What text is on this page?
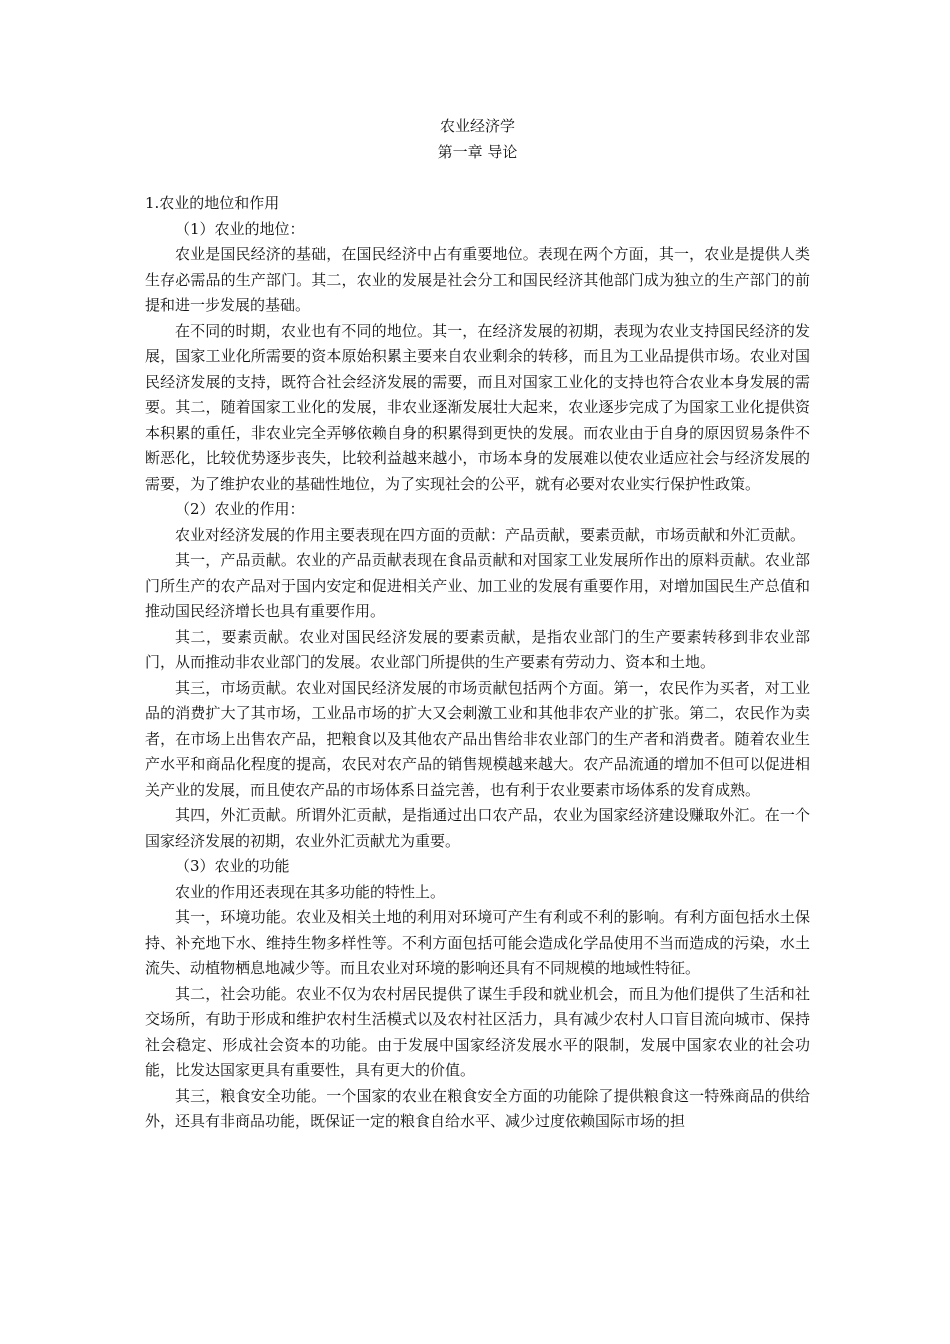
农业经济学

第一章 导论

1.农业的地位和作用

（1）农业的地位：

农业是国民经济的基础，在国民经济中占有重要地位。表现在两个方面，其一，农业是提供人类生存必需品的生产部门。其二，农业的发展是社会分工和国民经济其他部门成为独立的生产部门的前提和进一步发展的基础。

在不同的时期，农业也有不同的地位。其一，在经济发展的初期，表现为农业支持国民经济的发展，国家工业化所需要的资本原始积累主要来自农业剩余的转移，而且为工业品提供市场。农业对国民经济发展的支持，既符合社会经济发展的需要，而且对国家工业化的支持也符合农业本身发展的需要。其二，随着国家工业化的发展，非农业逐渐发展壮大起来，农业逐步完成了为国家工业化提供资本积累的重任，非农业完全弄够依赖自身的积累得到更快的发展。而农业由于自身的原因贸易条件不断恶化，比较优势逐步丧失，比较利益越来越小，市场本身的发展难以使农业适应社会与经济发展的需要，为了维护农业的基础性地位，为了实现社会的公平，就有必要对农业实行保护性政策。

（2）农业的作用：

农业对经济发展的作用主要表现在四方面的贡献：产品贡献，要素贡献，市场贡献和外汇贡献。

其一，产品贡献。农业的产品贡献表现在食品贡献和对国家工业发展所作出的原料贡献。农业部门所生产的农产品对于国内安定和促进相关产业、加工业的发展有重要作用，对增加国民生产总值和推动国民经济增长也具有重要作用。

其二，要素贡献。农业对国民经济发展的要素贡献，是指农业部门的生产要素转移到非农业部门，从而推动非农业部门的发展。农业部门所提供的生产要素有劳动力、资本和土地。

其三，市场贡献。农业对国民经济发展的市场贡献包括两个方面。第一，农民作为买者，对工业品的消费扩大了其市场，工业品市场的扩大又会刺激工业和其他非农产业的扩张。第二，农民作为卖者，在市场上出售农产品，把粮食以及其他农产品出售给非农业部门的生产者和消费者。随着农业生产水平和商品化程度的提高，农民对农产品的销售规模越来越大。农产品流通的增加不但可以促进相关产业的发展，而且使农产品的市场体系日益完善，也有利于农业要素市场体系的发育成熟。

其四，外汇贡献。所谓外汇贡献，是指通过出口农产品，农业为国家经济建设赚取外汇。在一个国家经济发展的初期，农业外汇贡献尤为重要。

（3）农业的功能

农业的作用还表现在其多功能的特性上。

其一，环境功能。农业及相关土地的利用对环境可产生有利或不利的影响。有利方面包括水土保持、补充地下水、维持生物多样性等。不利方面包括可能会造成化学品使用不当而造成的污染，水土流失、动植物栖息地减少等。而且农业对环境的影响还具有不同规模的地域性特征。

其二，社会功能。农业不仅为农村居民提供了谋生手段和就业机会，而且为他们提供了生活和社交场所，有助于形成和维护农村生活模式以及农村社区活力，具有减少农村人口盲目流向城市、保持社会稳定、形成社会资本的功能。由于发展中国家经济发展水平的限制，发展中国家农业的社会功能，比发达国家更具有重要性，具有更大的价值。

其三，粮食安全功能。一个国家的农业在粮食安全方面的功能除了提供粮食这一特殊商品的供给外，还具有非商品功能，既保证一定的粮食自给水平、减少过度依赖国际市场的担
